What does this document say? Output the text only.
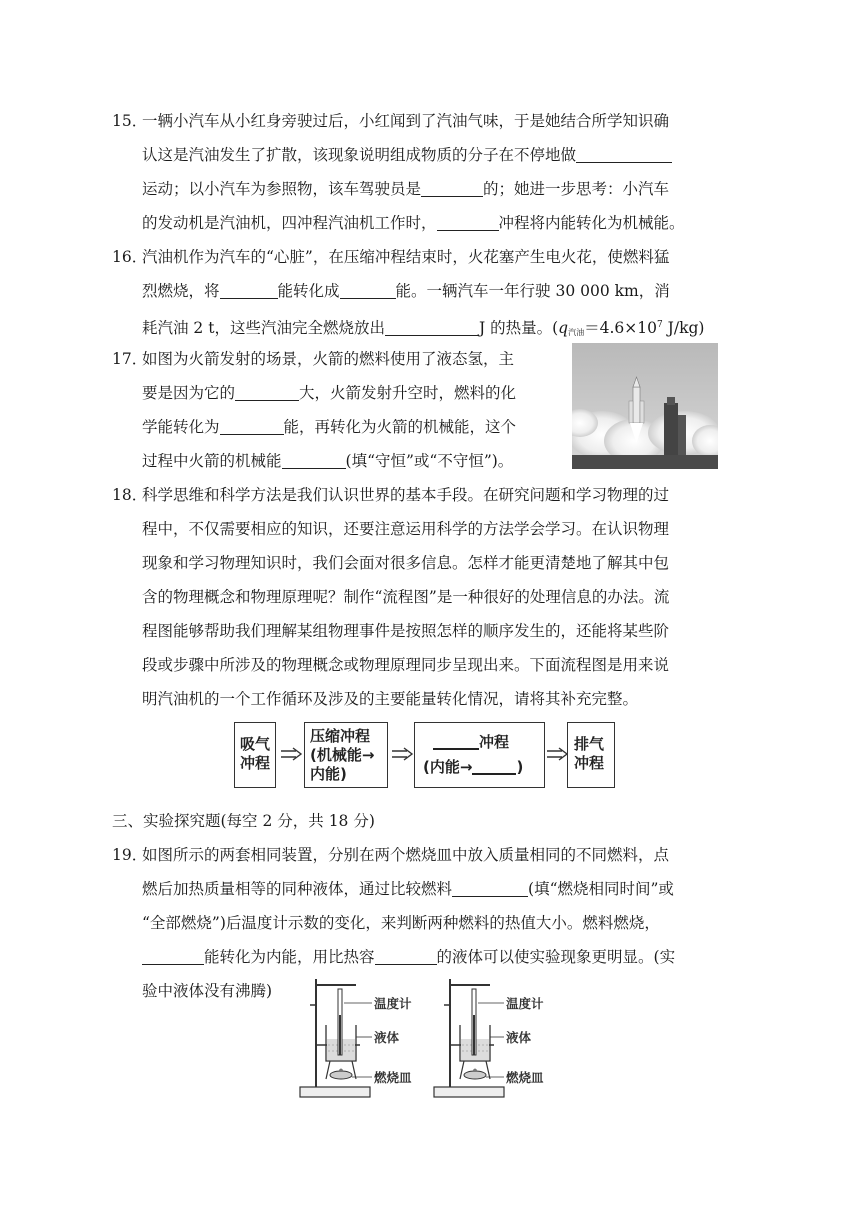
15．
一辆小汽车从小红身旁驶过后，小红闻到了汽油气味，于是她结合所学知识确
认这是汽油发生了扩散，该现象说明组成物质的分子在不停地做
运动；以小汽车为参照物，该车驾驶员是	的；她进一步思考：小汽车
的发动机是汽油机，四冲程汽油机工作时，	冲程将内能转化为机械能。
16．
汽油机作为汽车的“心脏”，在压缩冲程结束时，火花塞产生电火花，使燃料猛
烈燃烧，将	能转化成	能。一辆汽车一年行驶 30 000 km，消
耗汽油 2 t，这些汽油完全燃烧放出	J 的热量。($q_{汽油}=4.6\times 10^7$ J/kg)
17．
如图为火箭发射的场景，火箭的燃料使用了液态氢，主
要是因为它的	大，火箭发射升空时，燃料的化
学能转化为	能，再转化为火箭的机械能，这个
过程中火箭的机械能	(填“守恒”或“不守恒”)。
18．
科学思维和科学方法是我们认识世界的基本手段。在研究问题和学习物理的过
程中，不仅需要相应的知识，还要注意运用科学的方法学会学习。在认识物理
现象和学习物理知识时，我们会面对很多信息。怎样才能更清楚地了解其中包
含的物理概念和物理原理呢？制作“流程图”是一种很好的处理信息的办法。流
程图能够帮助我们理解某组物理事件是按照怎样的顺序发生的，还能将某些阶
段或步骤中所涉及的物理概念或物理原理同步呈现出来。下面流程图是用来说
明汽油机的一个工作循环及涉及的主要能量转化情况，请将其补充完整。
吸气
冲程
压缩冲程
(机械能→
内能)
冲程
(内能→	)
排气
冲程
三、实验探究题(每空 2 分，共 18 分)
19．
如图所示的两套相同装置，分别在两个燃烧皿中放入质量相同的不同燃料，点
燃后加热质量相等的同种液体，通过比较燃料	(填“燃烧相同时间”或
“全部燃烧”)后温度计示数的变化，来判断两种燃料的热值大小。燃料燃烧，
能转化为内能，用比热容	的液体可以使实验现象更明显。(实
验中液体没有沸腾)
温度计
液体
燃烧皿
温度计
液体
燃烧皿
